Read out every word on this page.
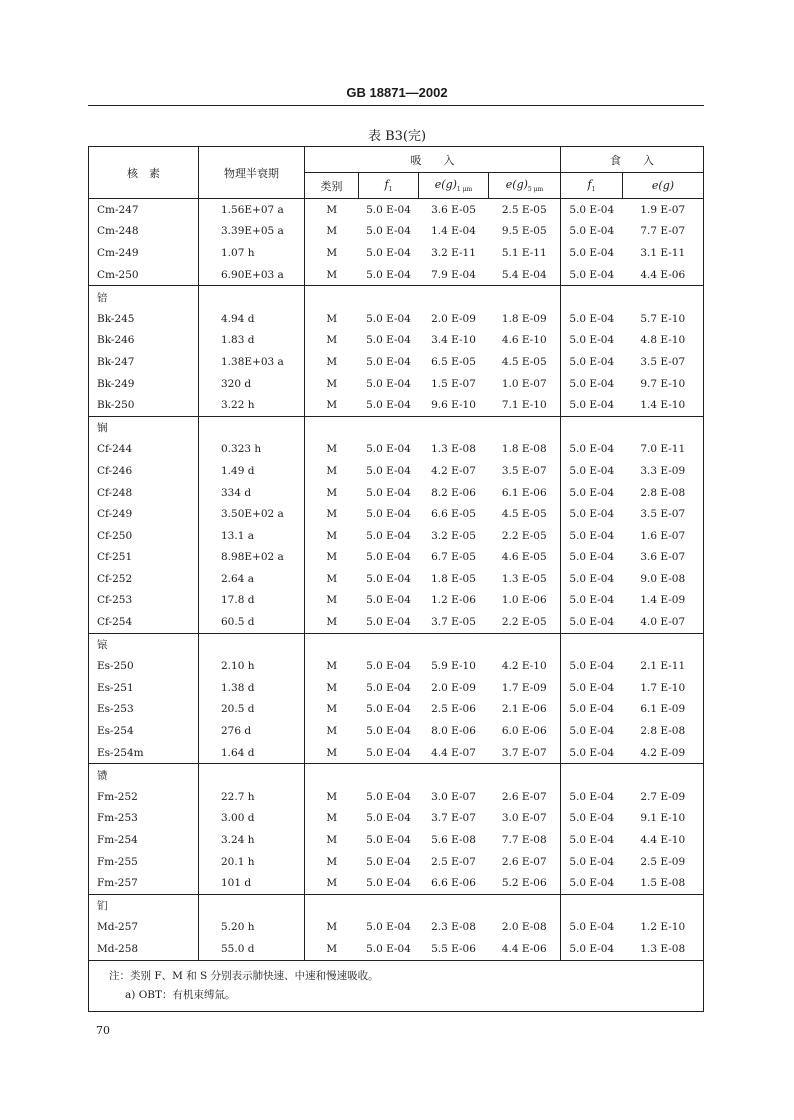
GB 18871—2002
表 B3(完)
核　素	物理半衰期	吸　　入				食　　入	
		类别	$f_1$	$e(g)_{1 \mu m}$	$e(g)_{5 \mu m}$	$f_1$	e(g)
Cm-247	1.56E+07 a	M	5.0 E-04	3.6 E-05	2.5 E-05	5.0 E-04	1.9 E-07
Cm-248	3.39E+05 a	M	5.0 E-04	1.4 E-04	9.5 E-05	5.0 E-04	7.7 E-07
Cm-249	1.07 h	M	5.0 E-04	3.2 E-11	5.1 E-11	5.0 E-04	3.1 E-11
Cm-250	6.90E+03 a	M	5.0 E-04	7.9 E-04	5.4 E-04	5.0 E-04	4.4 E-06
锫							
Bk-245	4.94 d	M	5.0 E-04	2.0 E-09	1.8 E-09	5.0 E-04	5.7 E-10
Bk-246	1.83 d	M	5.0 E-04	3.4 E-10	4.6 E-10	5.0 E-04	4.8 E-10
Bk-247	1.38E+03 a	M	5.0 E-04	6.5 E-05	4.5 E-05	5.0 E-04	3.5 E-07
Bk-249	320 d	M	5.0 E-04	1.5 E-07	1.0 E-07	5.0 E-04	9.7 E-10
Bk-250	3.22 h	M	5.0 E-04	9.6 E-10	7.1 E-10	5.0 E-04	1.4 E-10
锎							
Cf-244	0.323 h	M	5.0 E-04	1.3 E-08	1.8 E-08	5.0 E-04	7.0 E-11
Cf-246	1.49 d	M	5.0 E-04	4.2 E-07	3.5 E-07	5.0 E-04	3.3 E-09
Cf-248	334 d	M	5.0 E-04	8.2 E-06	6.1 E-06	5.0 E-04	2.8 E-08
Cf-249	3.50E+02 a	M	5.0 E-04	6.6 E-05	4.5 E-05	5.0 E-04	3.5 E-07
Cf-250	13.1 a	M	5.0 E-04	3.2 E-05	2.2 E-05	5.0 E-04	1.6 E-07
Cf-251	8.98E+02 a	M	5.0 E-04	6.7 E-05	4.6 E-05	5.0 E-04	3.6 E-07
Cf-252	2.64 a	M	5.0 E-04	1.8 E-05	1.3 E-05	5.0 E-04	9.0 E-08
Cf-253	17.8 d	M	5.0 E-04	1.2 E-06	1.0 E-06	5.0 E-04	1.4 E-09
Cf-254	60.5 d	M	5.0 E-04	3.7 E-05	2.2 E-05	5.0 E-04	4.0 E-07
锿							
Es-250	2.10 h	M	5.0 E-04	5.9 E-10	4.2 E-10	5.0 E-04	2.1 E-11
Es-251	1.38 d	M	5.0 E-04	2.0 E-09	1.7 E-09	5.0 E-04	1.7 E-10
Es-253	20.5 d	M	5.0 E-04	2.5 E-06	2.1 E-06	5.0 E-04	6.1 E-09
Es-254	276 d	M	5.0 E-04	8.0 E-06	6.0 E-06	5.0 E-04	2.8 E-08
Es-254m	1.64 d	M	5.0 E-04	4.4 E-07	3.7 E-07	5.0 E-04	4.2 E-09
镄							
Fm-252	22.7 h	M	5.0 E-04	3.0 E-07	2.6 E-07	5.0 E-04	2.7 E-09
Fm-253	3.00 d	M	5.0 E-04	3.7 E-07	3.0 E-07	5.0 E-04	9.1 E-10
Fm-254	3.24 h	M	5.0 E-04	5.6 E-08	7.7 E-08	5.0 E-04	4.4 E-10
Fm-255	20.1 h	M	5.0 E-04	2.5 E-07	2.6 E-07	5.0 E-04	2.5 E-09
Fm-257	101 d	M	5.0 E-04	6.6 E-06	5.2 E-06	5.0 E-04	1.5 E-08
钔							
Md-257	5.20 h	M	5.0 E-04	2.3 E-08	2.0 E-08	5.0 E-04	1.2 E-10
Md-258	55.0 d	M	5.0 E-04	5.5 E-06	4.4 E-06	5.0 E-04	1.3 E-08

注：类别 F、M 和 S 分别表示肺快速、中速和慢速吸收。
a) OBT：有机束缚氚。							
70
